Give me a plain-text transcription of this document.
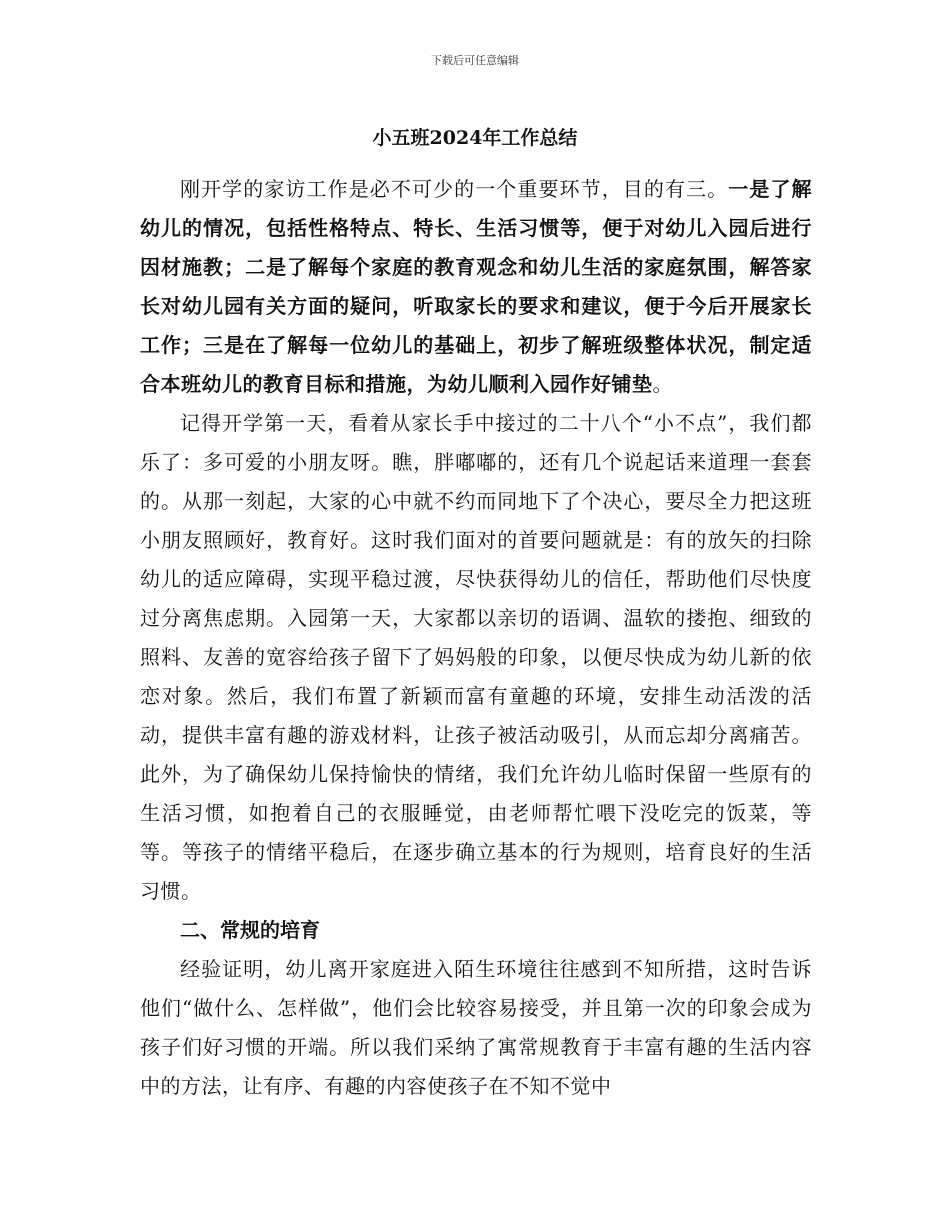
下载后可任意编辑
小五班2024年工作总结

刚开学的家访工作是必不可少的一个重要环节，目的有三。一是了解幼儿的情况，包括性格特点、特长、生活习惯等，便于对幼儿入园后进行因材施教；二是了解每个家庭的教育观念和幼儿生活的家庭氛围，解答家长对幼儿园有关方面的疑问，听取家长的要求和建议，便于今后开展家长工作；三是在了解每一位幼儿的基础上，初步了解班级整体状况，制定适合本班幼儿的教育目标和措施，为幼儿顺利入园作好铺垫。

记得开学第一天，看着从家长手中接过的二十八个“小不点”，我们都乐了：多可爱的小朋友呀。瞧，胖嘟嘟的，还有几个说起话来道理一套套的。从那一刻起，大家的心中就不约而同地下了个决心，要尽全力把这班小朋友照顾好，教育好。这时我们面对的首要问题就是：有的放矢的扫除幼儿的适应障碍，实现平稳过渡，尽快获得幼儿的信任，帮助他们尽快度过分离焦虑期。入园第一天，大家都以亲切的语调、温软的搂抱、细致的照料、友善的宽容给孩子留下了妈妈般的印象，以便尽快成为幼儿新的依恋对象。然后，我们布置了新颖而富有童趣的环境，安排生动活泼的活动，提供丰富有趣的游戏材料，让孩子被活动吸引，从而忘却分离痛苦。此外，为了确保幼儿保持愉快的情绪，我们允许幼儿临时保留一些原有的生活习惯，如抱着自己的衣服睡觉，由老师帮忙喂下没吃完的饭菜，等等。等孩子的情绪平稳后，在逐步确立基本的行为规则，培育良好的生活习惯。

二、常规的培育

经验证明，幼儿离开家庭进入陌生环境往往感到不知所措，这时告诉他们“做什么、怎样做”，他们会比较容易接受，并且第一次的印象会成为孩子们好习惯的开端。所以我们采纳了寓常规教育于丰富有趣的生活内容中的方法，让有序、有趣的内容使孩子在不知不觉中
